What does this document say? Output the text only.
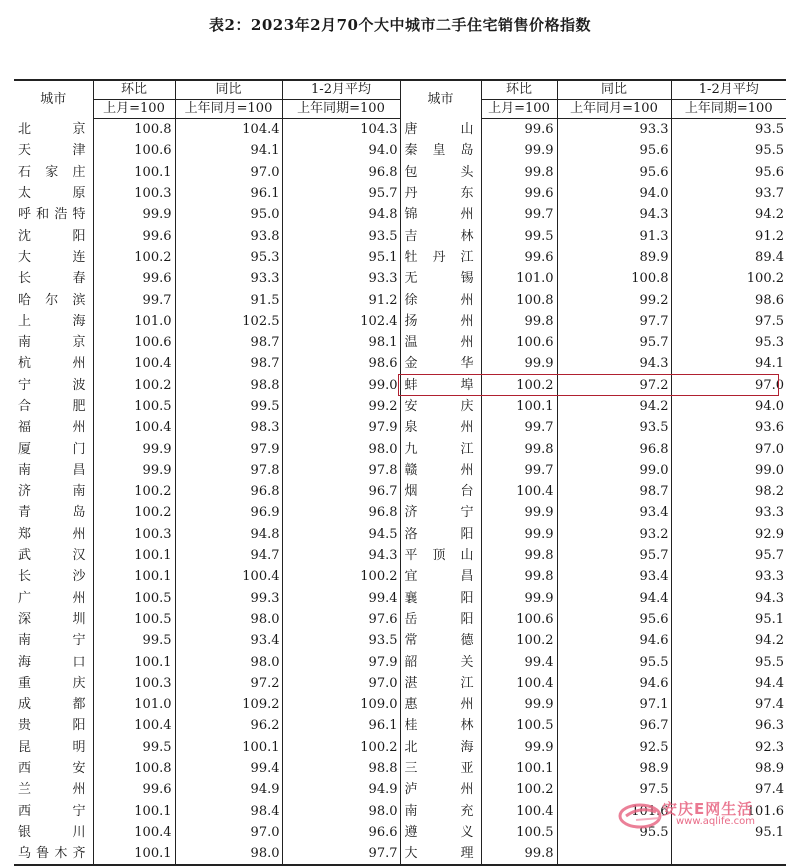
表2：2023年2月70个大中城市二手住宅销售价格指数
城市	环比	同比	1-2月平均	城市	环比	同比	1-2月平均
	上月=100	上年同月=100	上年同期=100		上月=100	上年同月=100	上年同期=100
北京	100.8	104.4	104.3	唐山	99.6	93.3	93.5
天津	100.6	94.1	94.0	秦皇岛	99.9	95.6	95.5
石家庄	100.1	97.0	96.8	包头	99.8	95.6	95.6
太原	100.3	96.1	95.7	丹东	99.6	94.0	93.7
呼和浩特	99.9	95.0	94.8	锦州	99.7	94.3	94.2
沈阳	99.6	93.8	93.5	吉林	99.5	91.3	91.2
大连	100.2	95.3	95.1	牡丹江	99.6	89.9	89.4
长春	99.6	93.3	93.3	无锡	101.0	100.8	100.2
哈尔滨	99.7	91.5	91.2	徐州	100.8	99.2	98.6
上海	101.0	102.5	102.4	扬州	99.8	97.7	97.5
南京	100.6	98.7	98.1	温州	100.6	95.7	95.3
杭州	100.4	98.7	98.6	金华	99.9	94.3	94.1
宁波	100.2	98.8	99.0	蚌埠	100.2	97.2	97.0
合肥	100.5	99.5	99.2	安庆	100.1	94.2	94.0
福州	100.4	98.3	97.9	泉州	99.7	93.5	93.6
厦门	99.9	97.9	98.0	九江	99.8	96.8	97.0
南昌	99.9	97.8	97.8	赣州	99.7	99.0	99.0
济南	100.2	96.8	96.7	烟台	100.4	98.7	98.2
青岛	100.2	96.9	96.8	济宁	99.9	93.4	93.3
郑州	100.3	94.8	94.5	洛阳	99.9	93.2	92.9
武汉	100.1	94.7	94.3	平顶山	99.8	95.7	95.7
长沙	100.1	100.4	100.2	宜昌	99.8	93.4	93.3
广州	100.5	99.3	99.4	襄阳	99.9	94.4	94.3
深圳	100.5	98.0	97.6	岳阳	100.6	95.6	95.1
南宁	99.5	93.4	93.5	常德	100.2	94.6	94.2
海口	100.1	98.0	97.9	韶关	99.4	95.5	95.5
重庆	100.3	97.2	97.0	湛江	100.4	94.6	94.4
成都	101.0	109.2	109.0	惠州	99.9	97.1	97.4
贵阳	100.4	96.2	96.1	桂林	100.5	96.7	96.3
昆明	99.5	100.1	100.2	北海	99.9	92.5	92.3
西安	100.8	99.4	98.8	三亚	100.1	98.9	98.9
兰州	99.6	94.9	94.9	泸州	100.2	97.5	97.4
西宁	100.1	98.4	98.0	南充	100.4	101.6	101.6
银川	100.4	97.0	96.6	遵义	100.5	95.5	95.1
乌鲁木齐	100.1	98.0	97.7	大理	99.8		
安庆E网生活
www.aqlife.com
